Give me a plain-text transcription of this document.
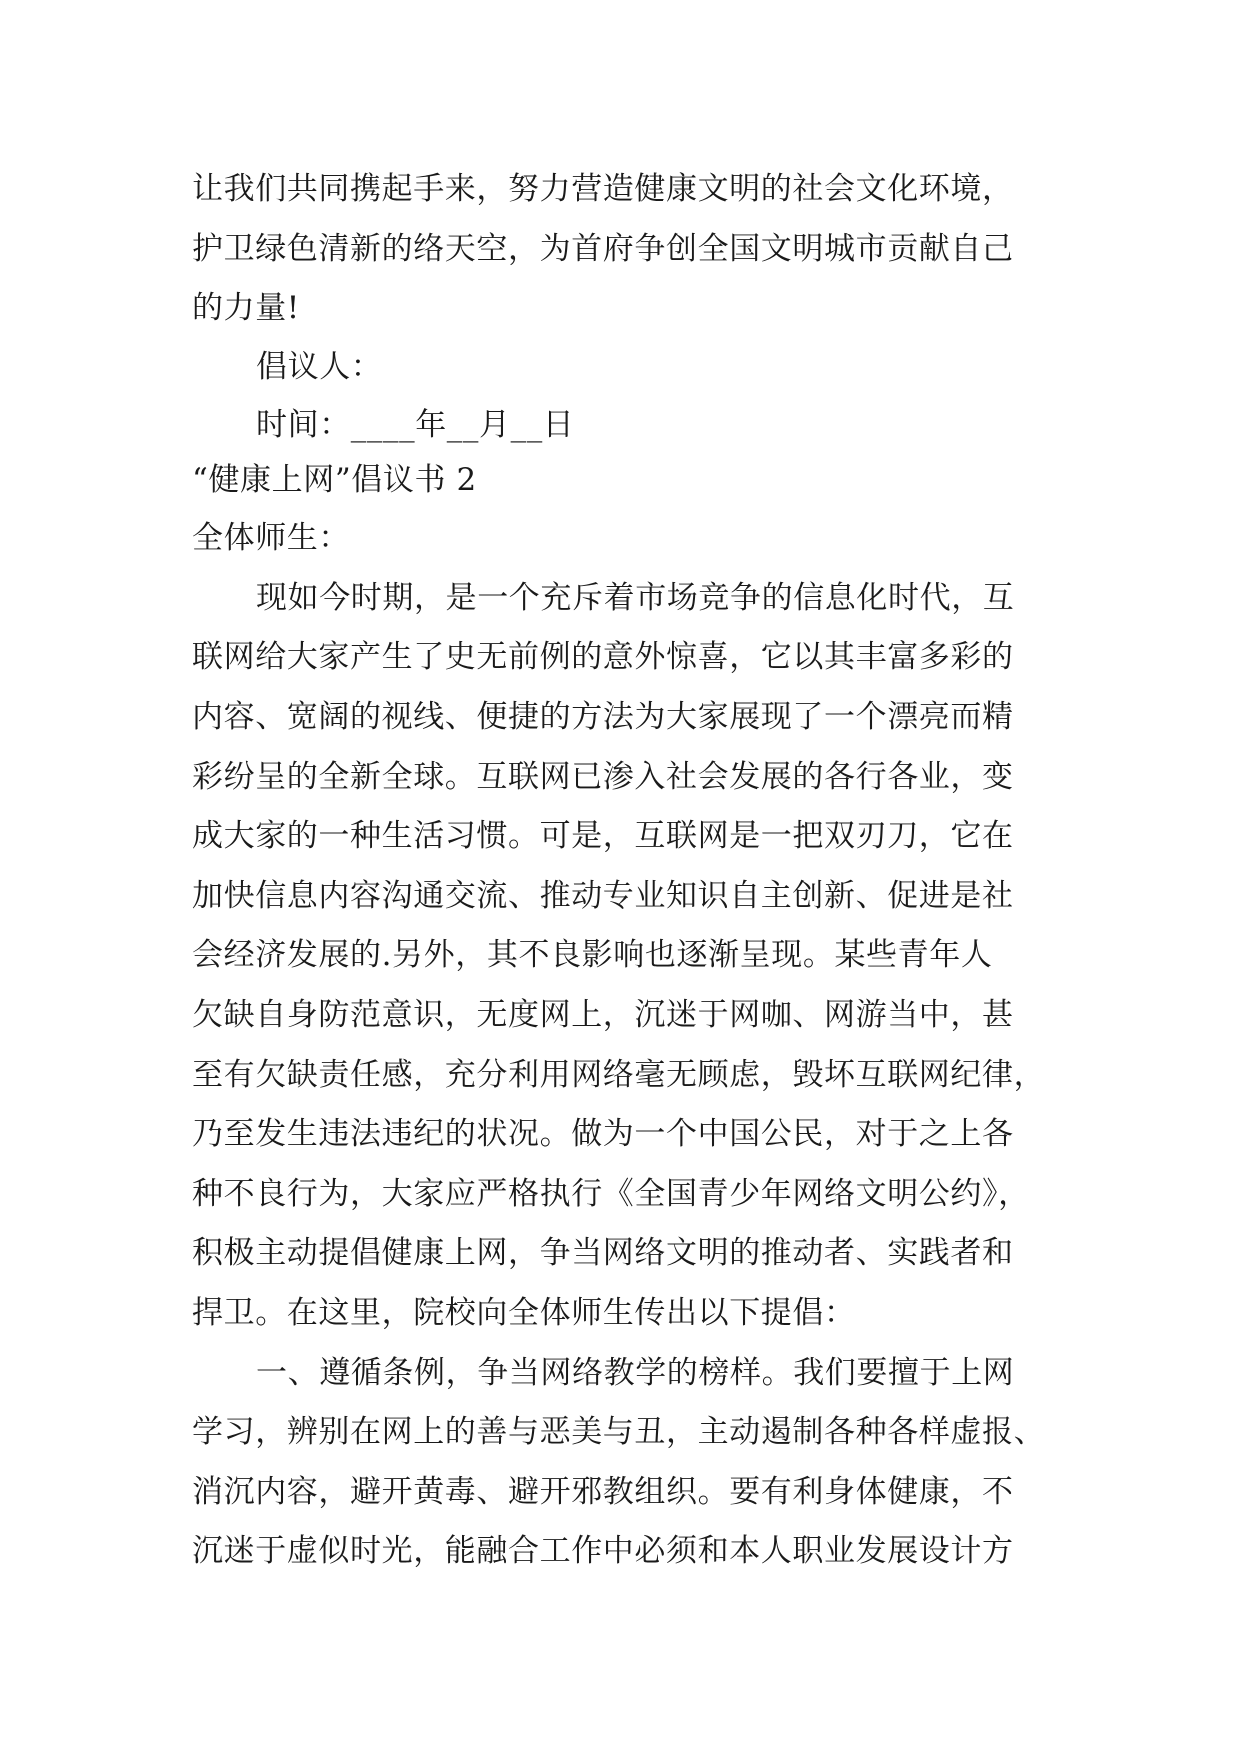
让我们共同携起手来，努力营造健康文明的社会文化环境，
护卫绿色清新的络天空，为首府争创全国文明城市贡献自己
的力量!
倡议人：
时间：____年__月__日
“健康上网”倡议书 2
全体师生：
现如今时期，是一个充斥着市场竞争的信息化时代，互
联网给大家产生了史无前例的意外惊喜，它以其丰富多彩的
内容、宽阔的视线、便捷的方法为大家展现了一个漂亮而精
彩纷呈的全新全球。互联网已渗入社会发展的各行各业，变
成大家的一种生活习惯。可是，互联网是一把双刃刀，它在
加快信息内容沟通交流、推动专业知识自主创新、促进是社
会经济发展的.另外，其不良影响也逐渐呈现。某些青年人
欠缺自身防范意识，无度网上，沉迷于网咖、网游当中，甚
至有欠缺责任感，充分利用网络毫无顾虑，毁坏互联网纪律，
乃至发生违法违纪的状况。做为一个中国公民，对于之上各
种不良行为，大家应严格执行《全国青少年网络文明公约》，
积极主动提倡健康上网，争当网络文明的推动者、实践者和
捍卫。在这里，院校向全体师生传出以下提倡：
一、遵循条例，争当网络教学的榜样。我们要擅于上网
学习，辨别在网上的善与恶美与丑，主动遏制各种各样虚报、
消沉内容，避开黄毒、避开邪教组织。要有利身体健康，不
沉迷于虚似时光，能融合工作中必须和本人职业发展设计方
